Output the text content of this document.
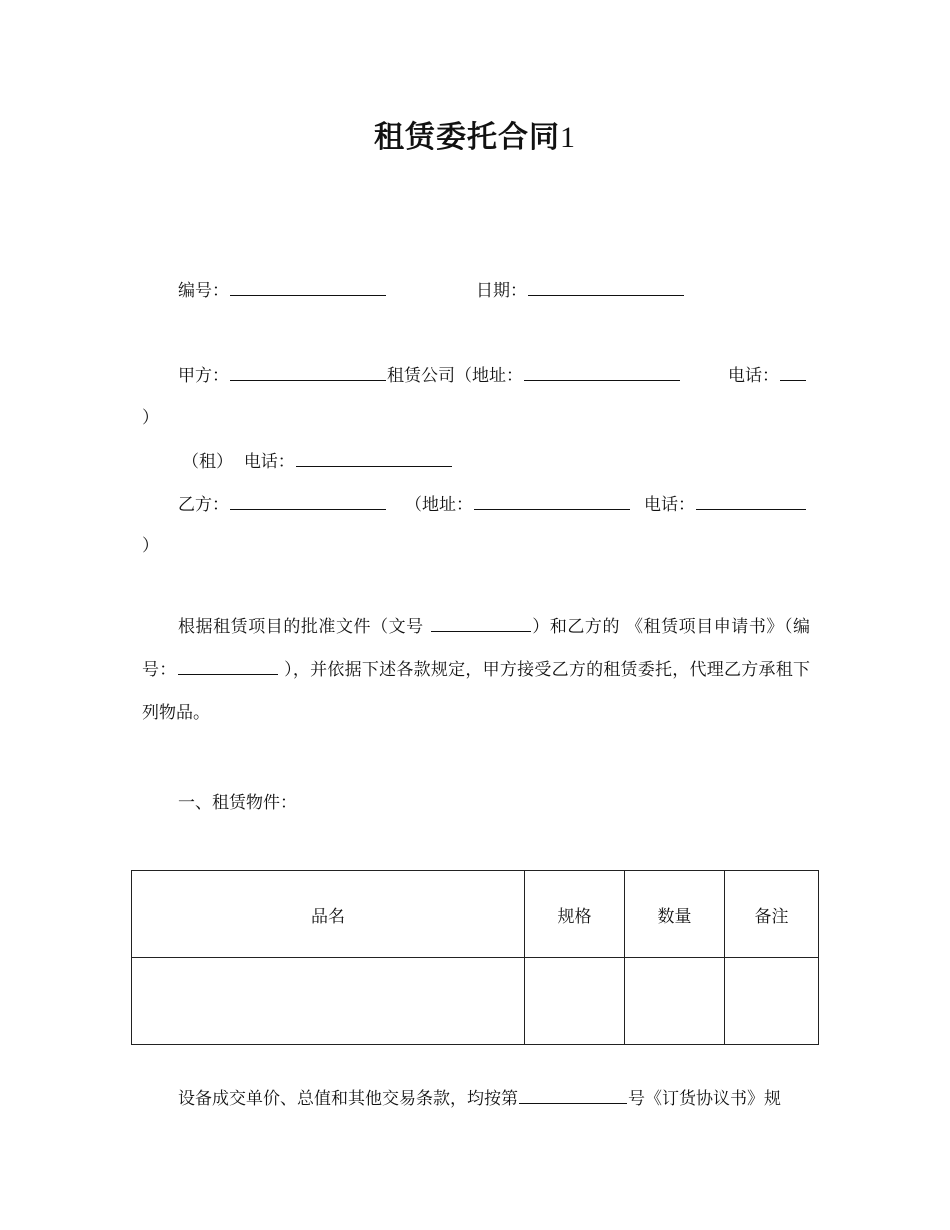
租赁委托合同1
编号：	日期：
甲方：	租赁公司（地址：	电话：
）
（租） 电话：
乙方：	（地址：	电话：
）
根据租赁项目的批准文件（文号	）和乙方的 《租赁项目申请书》（编号：	），并依据下述各款规定，甲方接受乙方的租赁委托，代理乙方承租下列物品。
一、租赁物件：
品名	规格	数量	备注

设备成交单价、总值和其他交易条款，均按第	号《订货协议书》规
